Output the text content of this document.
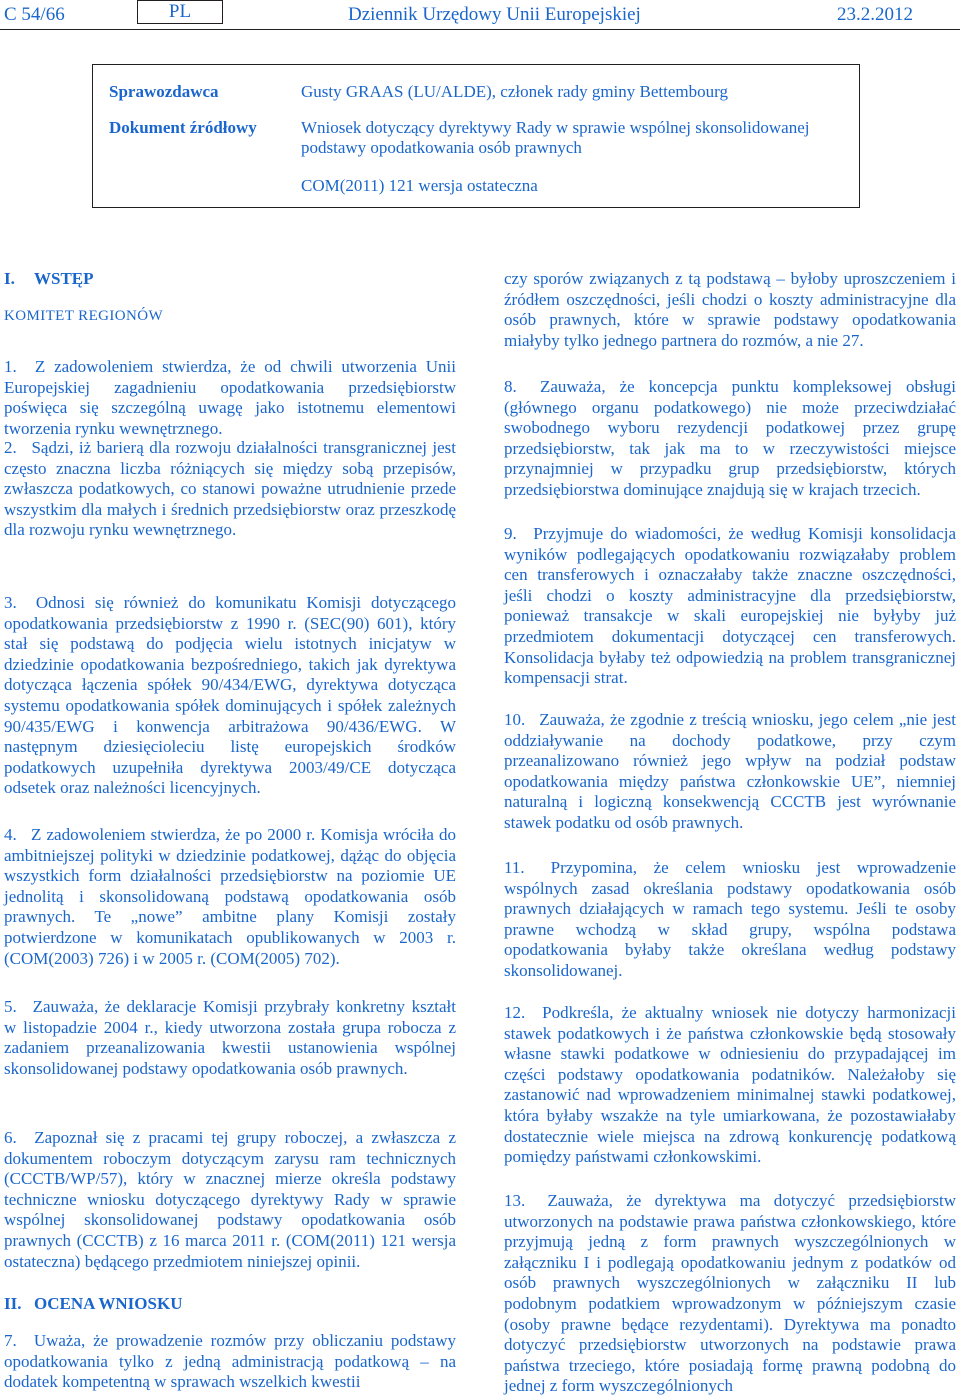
C 54/66	PL	Dziennik Urzędowy Unii Europejskiej	23.2.2012
Sprawozdawca	Gusty GRAAS (LU/ALDE), członek rady gminy Bettembourg
Dokument źródłowy	Wniosek dotyczący dyrektywy Rady w sprawie wspólnej skonsolidowanej podstawy opodatkowania osób prawnych
COM(2011) 121 wersja ostateczna
I. WSTĘP
KOMITET REGIONÓW
1. Z zadowoleniem stwierdza, że od chwili utworzenia Unii Europejskiej zagadnieniu opodatkowania przedsiębiorstw poświęca się szczególną uwagę jako istotnemu elementowi tworzenia rynku wewnętrznego.
2. Sądzi, iż barierą dla rozwoju działalności transgranicznej jest często znaczna liczba różniących się między sobą przepisów, zwłaszcza podatkowych, co stanowi poważne utrudnienie przede wszystkim dla małych i średnich przedsiębiorstw oraz przeszkodę dla rozwoju rynku wewnętrznego.
3. Odnosi się również do komunikatu Komisji dotyczącego opodatkowania przedsiębiorstw z 1990 r. (SEC(90) 601), który stał się podstawą do podjęcia wielu istotnych inicjatyw w dziedzinie opodatkowania bezpośredniego, takich jak dyrektywa dotycząca łączenia spółek 90/434/EWG, dyrektywa dotycząca systemu opodatkowania spółek dominujących i spółek zależnych 90/435/EWG i konwencja arbitrażowa 90/436/EWG. W następnym dziesięcioleciu listę europejskich środków podatkowych uzupełniła dyrektywa 2003/49/CE dotycząca odsetek oraz należności licencyjnych.
4. Z zadowoleniem stwierdza, że po 2000 r. Komisja wróciła do ambitniejszej polityki w dziedzinie podatkowej, dążąc do objęcia wszystkich form działalności przedsiębiorstw na poziomie UE jednolitą i skonsolidowaną podstawą opodatkowania osób prawnych. Te „nowe” ambitne plany Komisji zostały potwierdzone w komunikatach opublikowanych w 2003 r. (COM(2003) 726) i w 2005 r. (COM(2005) 702).
5. Zauważa, że deklaracje Komisji przybrały konkretny kształt w listopadzie 2004 r., kiedy utworzona została grupa robocza z zadaniem przeanalizowania kwestii ustanowienia wspólnej skonsolidowanej podstawy opodatkowania osób prawnych.
6. Zapoznał się z pracami tej grupy roboczej, a zwłaszcza z dokumentem roboczym dotyczącym zarysu ram technicznych (CCCTB/WP/57), który w znacznej mierze określa podstawy techniczne wniosku dotyczącego dyrektywy Rady w sprawie wspólnej skonsolidowanej podstawy opodatkowania osób prawnych (CCCTB) z 16 marca 2011 r. (COM(2011) 121 wersja ostateczna) będącego przedmiotem niniejszej opinii.
II. OCENA WNIOSKU
7. Uważa, że prowadzenie rozmów przy obliczaniu podstawy opodatkowania tylko z jedną administracją podatkową – na dodatek kompetentną w sprawach wszelkich kwestii
czy sporów związanych z tą podstawą – byłoby uproszczeniem i źródłem oszczędności, jeśli chodzi o koszty administracyjne dla osób prawnych, które w sprawie podstawy opodatkowania miałyby tylko jednego partnera do rozmów, a nie 27.
8. Zauważa, że koncepcja punktu kompleksowej obsługi (głównego organu podatkowego) nie może przeciwdziałać swobodnego wyboru rezydencji podatkowej przez grupę przedsiębiorstw, tak jak ma to w rzeczywistości miejsce przynajmniej w przypadku grup przedsiębiorstw, których przedsiębiorstwa dominujące znajdują się w krajach trzecich.
9. Przyjmuje do wiadomości, że według Komisji konsolidacja wyników podlegających opodatkowaniu rozwiązałaby problem cen transferowych i oznaczałaby także znaczne oszczędności, jeśli chodzi o koszty administracyjne dla przedsiębiorstw, ponieważ transakcje w skali europejskiej nie byłyby już przedmiotem dokumentacji dotyczącej cen transferowych. Konsolidacja byłaby też odpowiedzią na problem transgranicznej kompensacji strat.
10. Zauważa, że zgodnie z treścią wniosku, jego celem „nie jest oddziaływanie na dochody podatkowe, przy czym przeanalizowano również jego wpływ na podział podstaw opodatkowania między państwa członkowskie UE”, niemniej naturalną i logiczną konsekwencją CCCTB jest wyrównanie stawek podatku od osób prawnych.
11. Przypomina, że celem wniosku jest wprowadzenie wspólnych zasad określania podstawy opodatkowania osób prawnych działających w ramach tego systemu. Jeśli te osoby prawne wchodzą w skład grupy, wspólna podstawa opodatkowania byłaby także określana według podstawy skonsolidowanej.
12. Podkreśla, że aktualny wniosek nie dotyczy harmonizacji stawek podatkowych i że państwa członkowskie będą stosowały własne stawki podatkowe w odniesieniu do przypadającej im części podstawy opodatkowania podatników. Należałoby się zastanowić nad wprowadzeniem minimalnej stawki podatkowej, która byłaby wszakże na tyle umiarkowana, że pozostawiałaby dostatecznie wiele miejsca na zdrową konkurencję podatkową pomiędzy państwami członkowskimi.
13. Zauważa, że dyrektywa ma dotyczyć przedsiębiorstw utworzonych na podstawie prawa państwa członkowskiego, które przyjmują jedną z form prawnych wyszczególnionych w załączniku I i podlegają opodatkowaniu jednym z podatków od osób prawnych wyszczególnionych w załączniku II lub podobnym podatkiem wprowadzonym w późniejszym czasie (osoby prawne będące rezydentami). Dyrektywa ma ponadto dotyczyć przedsiębiorstw utworzonych na podstawie prawa państwa trzeciego, które posiadają formę prawną podobną do jednej z form wyszczególnionych
